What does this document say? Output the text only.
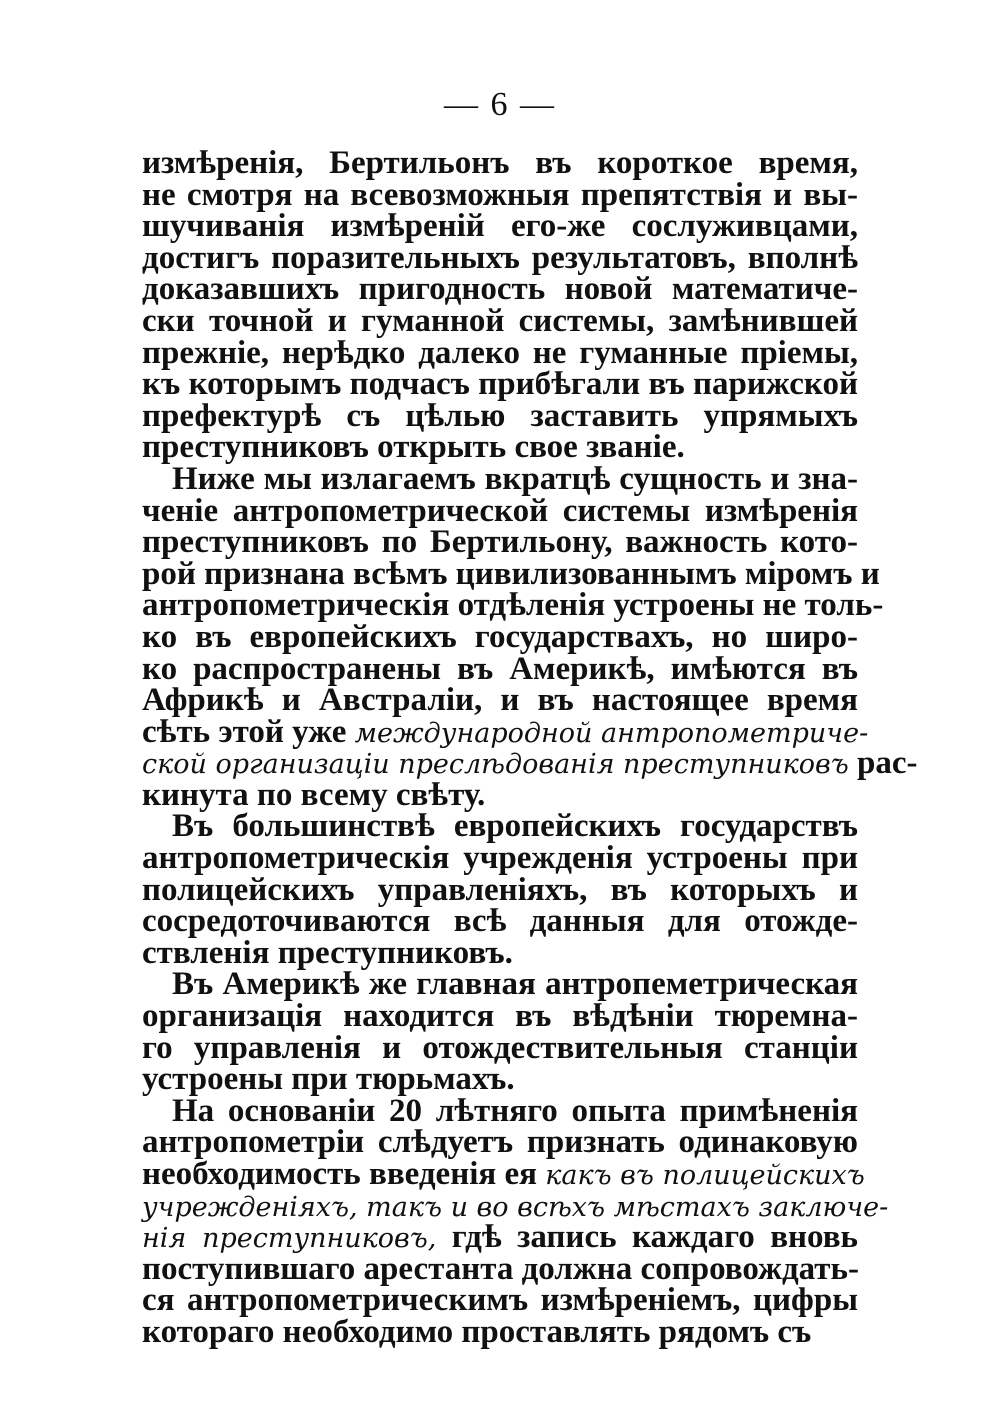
— 6 —
измѣренія, Бертильонъ въ короткое время,
не смотря на всевозможныя препятствія и вы-
шучиванія измѣреній его-же сослуживцами,
достигъ поразительныхъ результатовъ, вполнѣ
доказавшихъ пригодность новой математиче-
ски точной и гуманной системы, замѣнившей
прежніе, нерѣдко далеко не гуманные пріемы,
къ которымъ подчасъ прибѣгали въ парижской
префектурѣ съ цѣлью заставить упрямыхъ
преступниковъ открыть свое званіе.
Ниже мы излагаемъ вкратцѣ сущность и зна-
ченіе антропометрической системы измѣренія
преступниковъ по Бертильону, важность кото-
рой признана всѣмъ цивилизованнымъ міромъ и
антропометрическія отдѣленія устроены не толь-
ко въ европейскихъ государствахъ, но широ-
ко распространены въ Америкѣ, имѣются въ
Африкѣ и Австраліи, и въ настоящее время
сѣть этой уже международной антропометриче-
ской организаціи преслѣдованія преступниковъ рас-
кинута по всему свѣту.
Въ большинствѣ европейскихъ государствъ
антропометрическія учрежденія устроены при
полицейскихъ управленіяхъ, въ которыхъ и
сосредоточиваются всѣ данныя для отожде-
ствленія преступниковъ.
Въ Америкѣ же главная антропеметрическая
организація находится въ вѣдѣніи тюремна-
го управленія и отождествительныя станціи
устроены при тюрьмахъ.
На основаніи 20 лѣтняго опыта примѣненія
антропометріи слѣдуетъ признать одинаковую
необходимость введенія ея какъ въ полицейскихъ
учрежденіяхъ, такъ и во всѣхъ мѣстахъ заключе-
нія преступниковъ, гдѣ запись каждаго вновь
поступившаго арестанта должна сопровождать-
ся антропометрическимъ измѣреніемъ, цифры
котораго необходимо проставлять рядомъ съ
